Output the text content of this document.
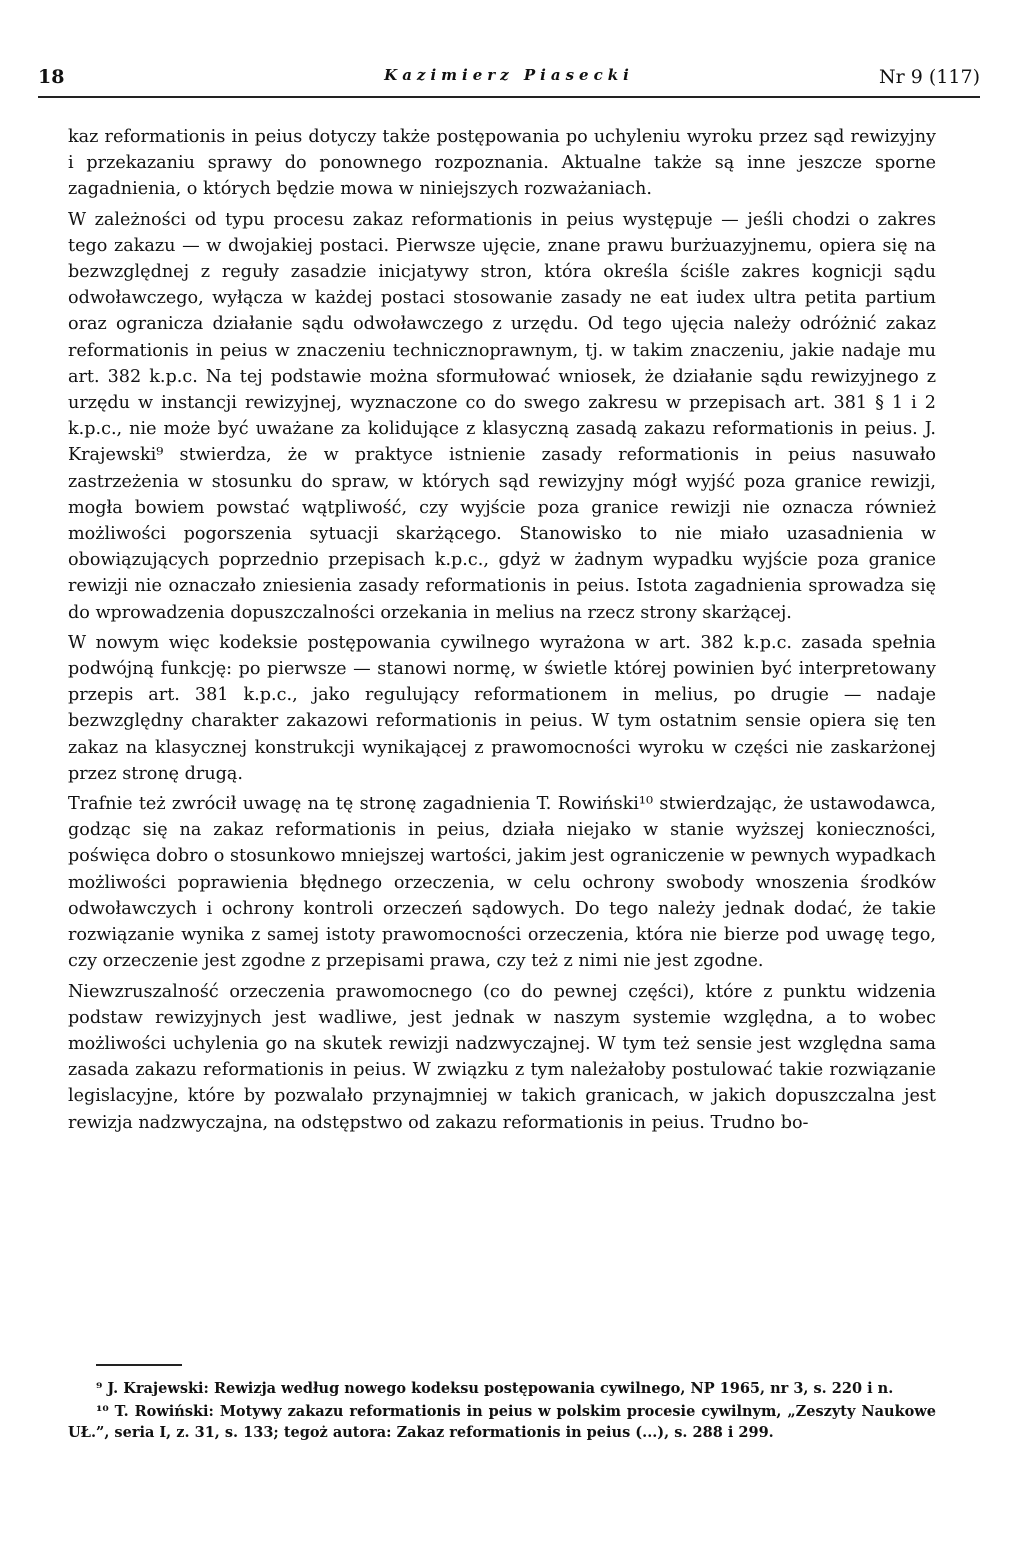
18	Kazimierz Piasecki	Nr 9 (117)

kaz reformationis in peius dotyczy także postępowania po uchyleniu wyroku przez sąd rewizyjny i przekazaniu sprawy do ponownego rozpoznania. Aktualne także są inne jeszcze sporne zagadnienia, o których będzie mowa w niniejszych rozważaniach.

W zależności od typu procesu zakaz reformationis in peius występuje — jeśli chodzi o zakres tego zakazu — w dwojakiej postaci. Pierwsze ujęcie, znane prawu burżuazyjnemu, opiera się na bezwzględnej z reguły zasadzie inicjatywy stron, która określa ściśle zakres kognicji sądu odwoławczego, wyłącza w każdej postaci stosowanie zasady ne eat iudex ultra petita partium oraz ogranicza działanie sądu odwoławczego z urzędu. Od tego ujęcia należy odróżnić zakaz reformationis in peius w znaczeniu technicznoprawnym, tj. w takim znaczeniu, jakie nadaje mu art. 382 k.p.c. Na tej podstawie można sformułować wniosek, że działanie sądu rewizyjnego z urzędu w instancji rewizyjnej, wyznaczone co do swego zakresu w przepisach art. 381 § 1 i 2 k.p.c., nie może być uważane za kolidujące z klasyczną zasadą zakazu reformationis in peius. J. Krajewski⁹ stwierdza, że w praktyce istnienie zasady reformationis in peius nasuwało zastrzeżenia w stosunku do spraw, w których sąd rewizyjny mógł wyjść poza granice rewizji, mogła bowiem powstać wątpliwość, czy wyjście poza granice rewizji nie oznacza również możliwości pogorszenia sytuacji skarżącego. Stanowisko to nie miało uzasadnienia w obowiązujących poprzednio przepisach k.p.c., gdyż w żadnym wypadku wyjście poza granice rewizji nie oznaczało zniesienia zasady reformationis in peius. Istota zagadnienia sprowadza się do wprowadzenia dopuszczalności orzekania in melius na rzecz strony skarżącej.

W nowym więc kodeksie postępowania cywilnego wyrażona w art. 382 k.p.c. zasada spełnia podwójną funkcję: po pierwsze — stanowi normę, w świetle której powinien być interpretowany przepis art. 381 k.p.c., jako regulujący reformationem in melius, po drugie — nadaje bezwzględny charakter zakazowi reformationis in peius. W tym ostatnim sensie opiera się ten zakaz na klasycznej konstrukcji wynikającej z prawomocności wyroku w części nie zaskarżonej przez stronę drugą.

Trafnie też zwrócił uwagę na tę stronę zagadnienia T. Rowiński¹⁰ stwierdzając, że ustawodawca, godząc się na zakaz reformationis in peius, działa niejako w stanie wyższej konieczności, poświęca dobro o stosunkowo mniejszej wartości, jakim jest ograniczenie w pewnych wypadkach możliwości poprawienia błędnego orzeczenia, w celu ochrony swobody wnoszenia środków odwoławczych i ochrony kontroli orzeczeń sądowych. Do tego należy jednak dodać, że takie rozwiązanie wynika z samej istoty prawomocności orzeczenia, która nie bierze pod uwagę tego, czy orzeczenie jest zgodne z przepisami prawa, czy też z nimi nie jest zgodne.

Niewzruszalność orzeczenia prawomocnego (co do pewnej części), które z punktu widzenia podstaw rewizyjnych jest wadliwe, jest jednak w naszym systemie względna, a to wobec możliwości uchylenia go na skutek rewizji nadzwyczajnej. W tym też sensie jest względna sama zasada zakazu reformationis in peius. W związku z tym należałoby postulować takie rozwiązanie legislacyjne, które by pozwalało przynajmniej w takich granicach, w jakich dopuszczalna jest rewizja nadzwyczajna, na odstępstwo od zakazu reformationis in peius. Trudno bo-

⁹ J. Krajewski: Rewizja według nowego kodeksu postępowania cywilnego, NP 1965, nr 3, s. 220 i n.

¹⁰ T. Rowiński: Motywy zakazu reformationis in peius w polskim procesie cywilnym, „Zeszyty Naukowe UŁ.”, seria I, z. 31, s. 133; tegoż autora: Zakaz reformationis in peius (...), s. 288 i 299.
